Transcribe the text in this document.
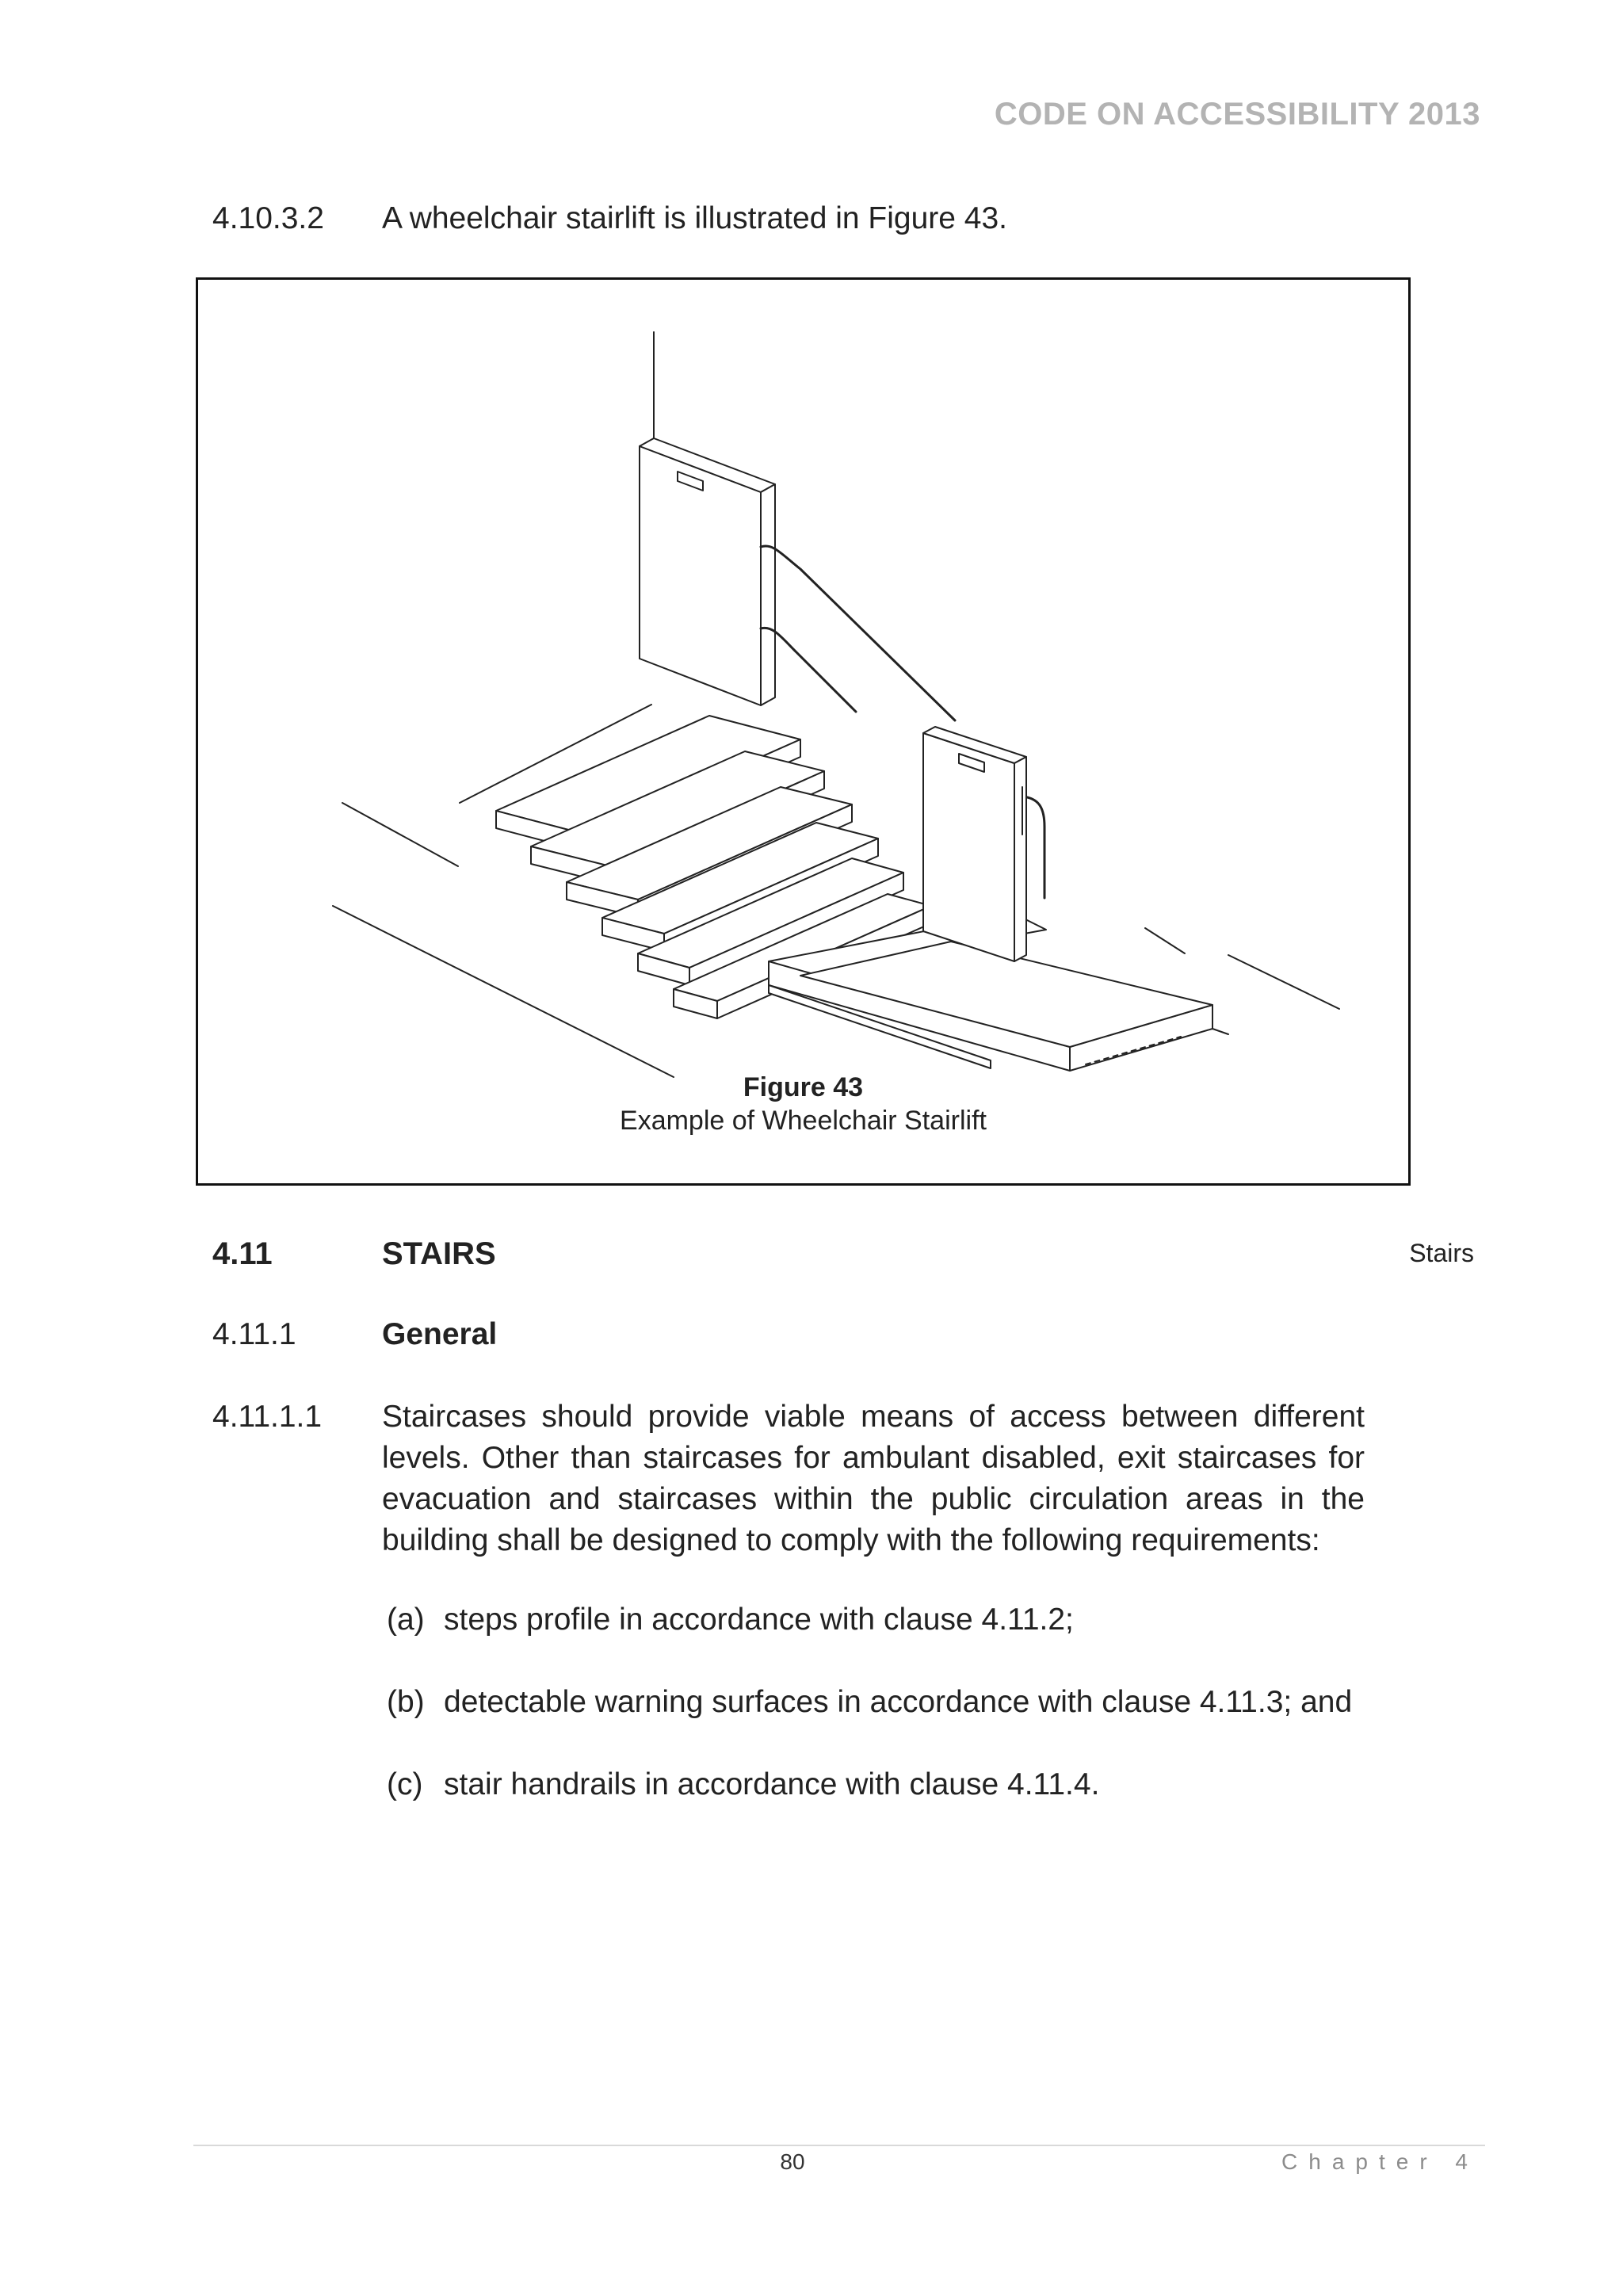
CODE ON ACCESSIBILITY 2013
4.10.3.2 A wheelchair stairlift is illustrated in Figure 43.
Figure 43
Example of Wheelchair Stairlift
4.11	STAIRS	Stairs
4.11.1	General
4.11.1.1 Staircases should provide viable means of access between different levels. Other than staircases for ambulant disabled, exit staircases for evacuation and staircases within the public circulation areas in the building shall be designed to comply with the following requirements:
(a) steps profile in accordance with clause 4.11.2;
(b) detectable warning surfaces in accordance with clause 4.11.3; and
(c) stair handrails in accordance with clause 4.11.4.
80	Chapter 4
